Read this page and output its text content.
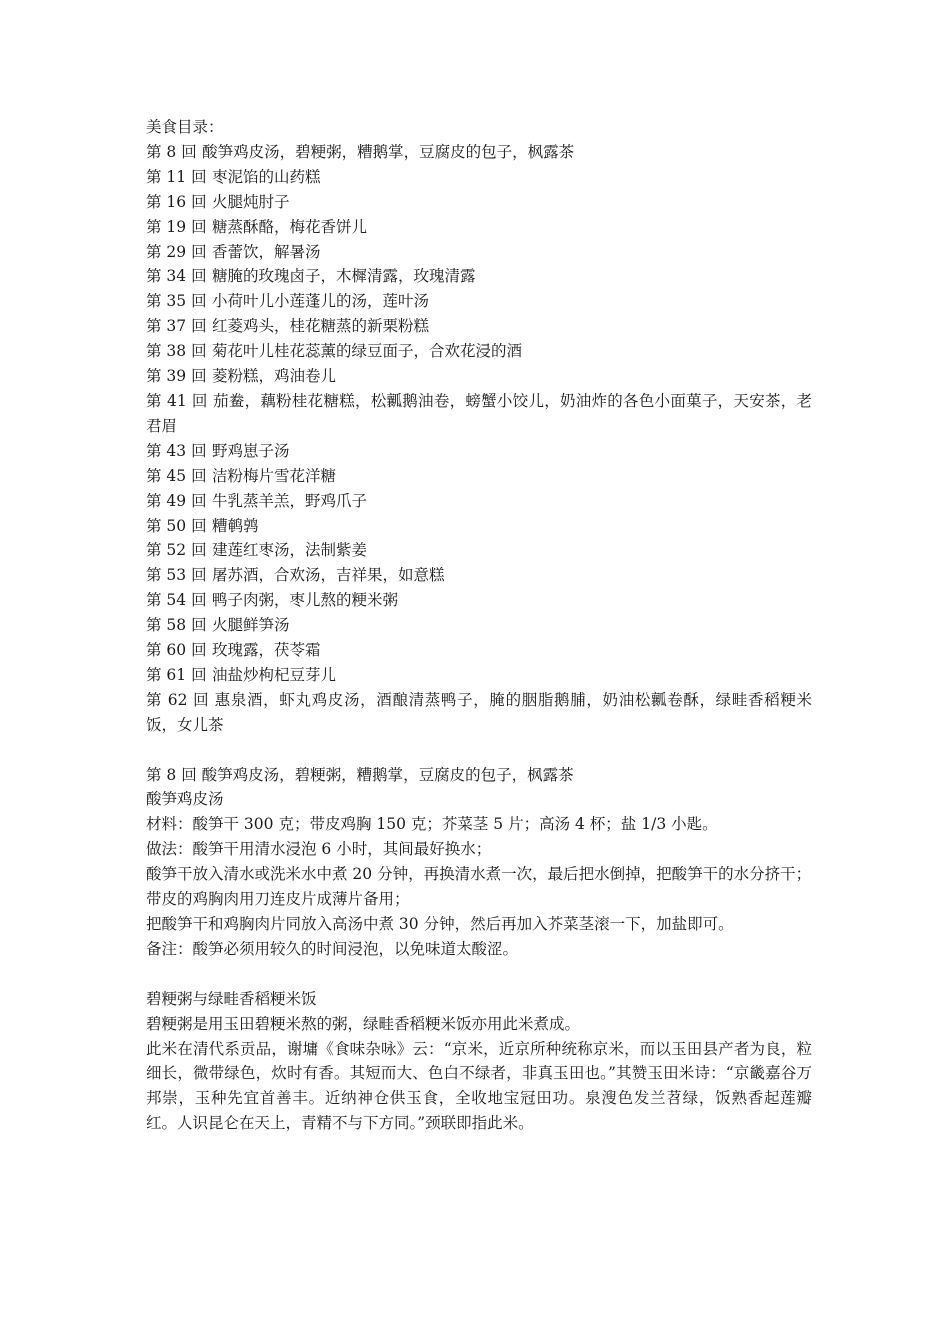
美食目录：
第 8 回 酸笋鸡皮汤，碧粳粥，糟鹅掌，豆腐皮的包子，枫露茶
第 11 回 枣泥馅的山药糕
第 16 回 火腿炖肘子
第 19 回 糖蒸酥酪，梅花香饼儿
第 29 回 香蕾饮，解暑汤
第 34 回 糖腌的玫瑰卤子，木樨清露，玫瑰清露
第 35 回 小荷叶儿小莲蓬儿的汤，莲叶汤
第 37 回 红菱鸡头，桂花糖蒸的新栗粉糕
第 38 回 菊花叶儿桂花蕊薰的绿豆面子，合欢花浸的酒
第 39 回 菱粉糕，鸡油卷儿
第 41 回 茄鲞，藕粉桂花糖糕，松瓤鹅油卷，螃蟹小饺儿，奶油炸的各色小面菓子，天安茶，老君眉
第 43 回 野鸡崽子汤
第 45 回 洁粉梅片雪花洋糖
第 49 回 牛乳蒸羊羔，野鸡爪子
第 50 回 糟鹌鹑
第 52 回 建莲红枣汤，法制紫姜
第 53 回 屠苏酒，合欢汤，吉祥果，如意糕
第 54 回 鸭子肉粥，枣儿熬的粳米粥
第 58 回 火腿鲜笋汤
第 60 回 玫瑰露，茯苓霜
第 61 回 油盐炒枸杞豆芽儿
第 62 回 惠泉酒，虾丸鸡皮汤，酒酿清蒸鸭子，腌的胭脂鹅脯，奶油松瓤卷酥，绿畦香稻粳米饭，女儿茶
第 8 回 酸笋鸡皮汤，碧粳粥，糟鹅掌，豆腐皮的包子，枫露茶
酸笋鸡皮汤
材料：酸笋干 300 克；带皮鸡胸 150 克；芥菜茎 5 片；高汤 4 杯；盐 1/3 小匙。
做法：酸笋干用清水浸泡 6 小时，其间最好换水；
酸笋干放入清水或洗米水中煮 20 分钟，再换清水煮一次，最后把水倒掉，把酸笋干的水分挤干；
带皮的鸡胸肉用刀连皮片成薄片备用；
把酸笋干和鸡胸肉片同放入高汤中煮 30 分钟，然后再加入芥菜茎滚一下，加盐即可。
备注：酸笋必须用较久的时间浸泡，以免味道太酸涩。
碧粳粥与绿畦香稻粳米饭
碧粳粥是用玉田碧粳米熬的粥，绿畦香稻粳米饭亦用此米煮成。
此米在清代系贡品，谢墉《食味杂咏》云：“京米，近京所种统称京米，而以玉田县产者为良，粒细长，微带绿色，炊时有香。其短而大、色白不绿者，非真玉田也。”其赞玉田米诗：“京畿嘉谷万邦崇，玉种先宜首善丰。近纳神仓供玉食，全收地宝冠田功。泉溲色发兰苕绿，饭熟香起莲瓣红。人识昆仑在天上，青精不与下方同。”颈联即指此米。
